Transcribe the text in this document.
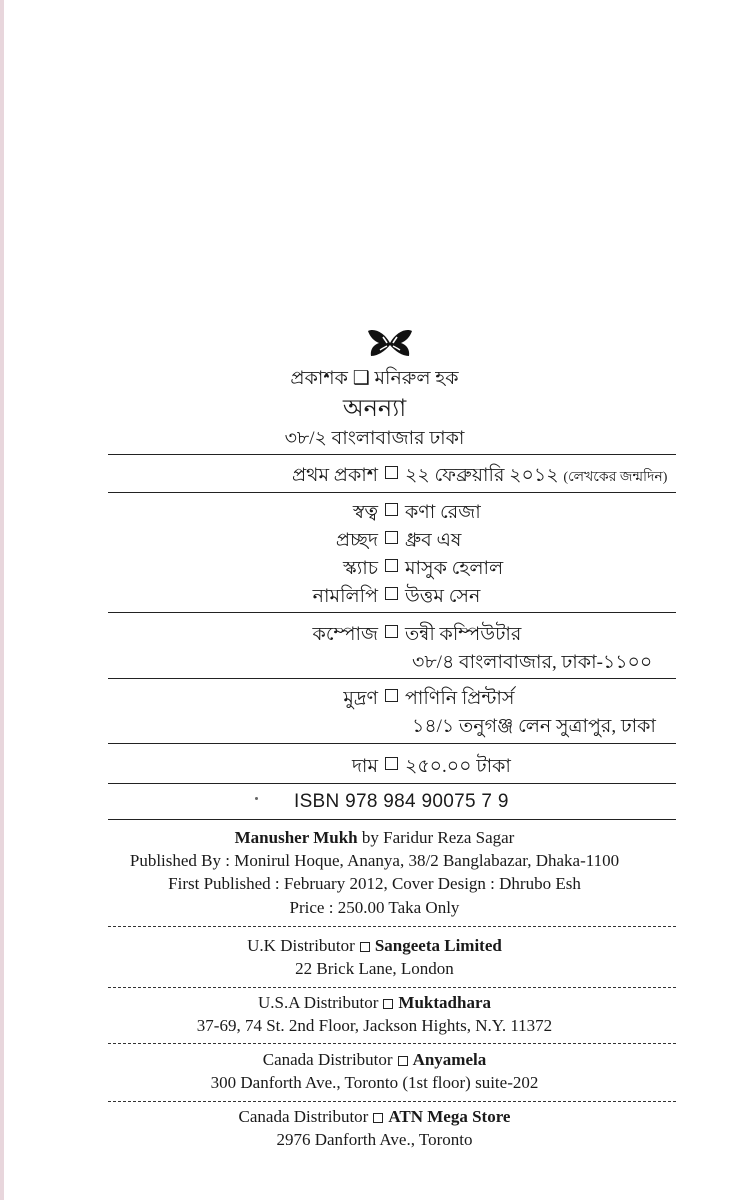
প্রকাশক ❑ মনিরুল হক
অনন্যা
৩৮/২ বাংলাবাজার ঢাকা
প্রথম প্রকাশ ২২ ফেব্রুয়ারি ২০১২ (লেখকের জন্মদিন)
স্বত্ব কণা রেজা
প্রচ্ছদ ধ্রুব এষ
স্ক্যাচ মাসুক হেলাল
নামলিপি উত্তম সেন
কম্পোজ তন্বী কম্পিউটার
৩৮/৪ বাংলাবাজার, ঢাকা-১১০০
মুদ্রণ পাণিনি প্রিন্টার্স
১৪/১ তনুগঞ্জ লেন সুত্রাপুর, ঢাকা
দাম ২৫০.০০ টাকা
ISBN 978 984 90075 7 9
Manusher Mukh by Faridur Reza Sagar
Published By : Monirul Hoque, Ananya, 38/2 Banglabazar, Dhaka-1100
First Published : February 2012, Cover Design : Dhrubo Esh
Price : 250.00 Taka Only
U.K Distributor Sangeeta Limited
22 Brick Lane, London
U.S.A Distributor Muktadhara
37-69, 74 St. 2nd Floor, Jackson Hights, N.Y. 11372
Canada Distributor Anyamela
300 Danforth Ave., Toronto (1st floor) suite-202
Canada Distributor ATN Mega Store
2976 Danforth Ave., Toronto
